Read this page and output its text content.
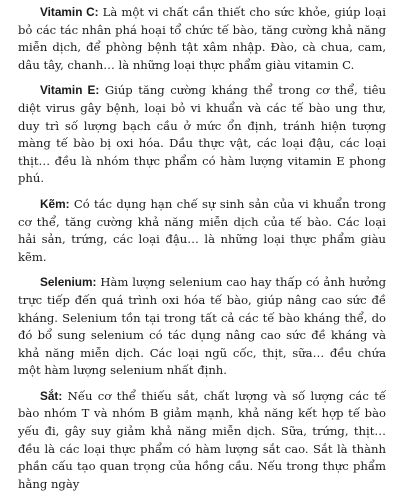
Vitamin C: Là một vi chất cần thiết cho sức khỏe, giúp loại bỏ các tác nhân phá hoại tổ chức tế bào, tăng cường khả năng miễn dịch, để phòng bệnh tật xâm nhập. Đào, cà chua, cam, dâu tây, chanh… là những loại thực phẩm giàu vitamin C.

Vitamin E: Giúp tăng cường kháng thể trong cơ thể, tiêu diệt virus gây bệnh, loại bỏ vi khuẩn và các tế bào ung thư, duy trì số lượng bạch cầu ở mức ổn định, tránh hiện tượng màng tế bào bị oxi hóa. Dầu thực vật, các loại đậu, các loại thịt… đều là nhóm thực phẩm có hàm lượng vitamin E phong phú.

Kẽm: Có tác dụng hạn chế sự sinh sản của vi khuẩn trong cơ thể, tăng cường khả năng miễn dịch của tế bào. Các loại hải sản, trứng, các loại đậu… là những loại thực phẩm giàu kẽm.

Selenium: Hàm lượng selenium cao hay thấp có ảnh hưởng trực tiếp đến quá trình oxi hóa tế bào, giúp nâng cao sức đề kháng. Selenium tồn tại trong tất cả các tế bào kháng thể, do đó bổ sung selenium có tác dụng nâng cao sức đề kháng và khả năng miễn dịch. Các loại ngũ cốc, thịt, sữa… đều chứa một hàm lượng selenium nhất định.

Sắt: Nếu cơ thể thiếu sắt, chất lượng và số lượng các tế bào nhóm T và nhóm B giảm mạnh, khả năng kết hợp tế bào yếu đi, gây suy giảm khả năng miễn dịch. Sữa, trứng, thịt… đều là các loại thực phẩm có hàm lượng sắt cao. Sắt là thành phần cấu tạo quan trọng của hồng cầu. Nếu trong thực phẩm hằng ngày
